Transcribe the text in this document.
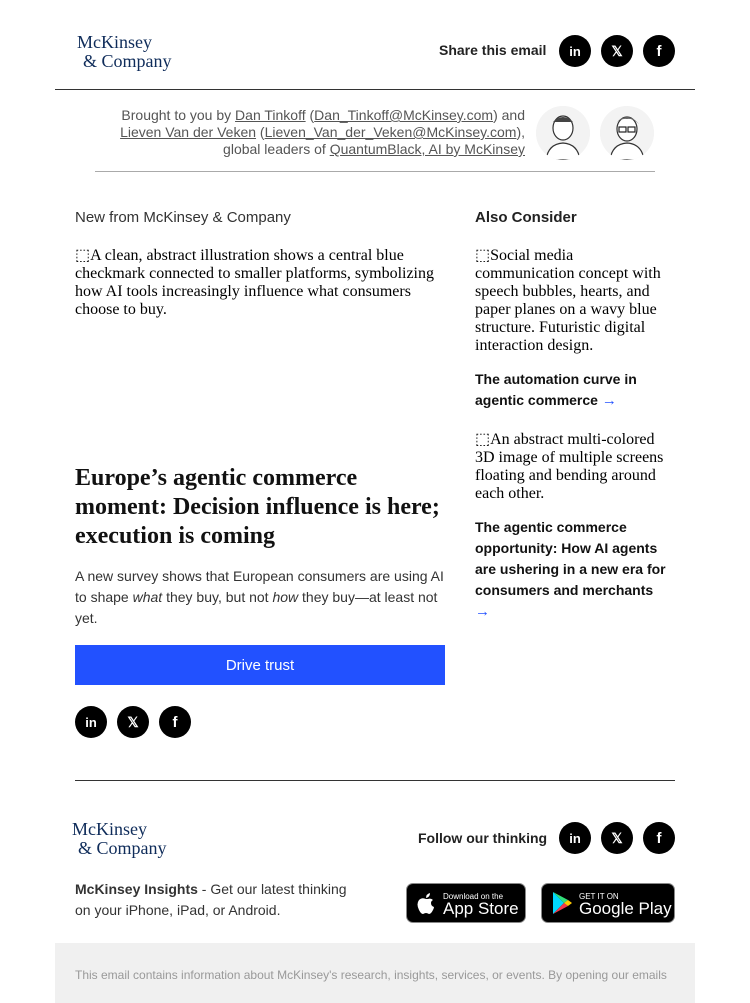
McKinsey
& Company
Share this email	in	𝕏	f
Brought to you by Dan Tinkoff (Dan_Tinkoff@McKinsey.com) and
Lieven Van der Veken (Lieven_Van_der_Veken@McKinsey.com),
global leaders of QuantumBlack, AI by McKinsey
New from McKinsey & Company
⬚A clean, abstract illustration shows a central blue checkmark connected to smaller platforms, symbolizing how AI tools increasingly influence what consumers choose to buy.
Europe’s agentic commerce moment: Decision influence is here; execution is coming
A new survey shows that European consumers are using AI to shape what they buy, but not how they buy—at least not yet.
Drive trust
in	𝕏	f
Also Consider
⬚Social media communication concept with speech bubbles, hearts, and paper planes on a wavy blue structure. Futuristic digital interaction design.
The automation curve in agentic commerce →
⬚An abstract multi-colored 3D image of multiple screens floating and bending around each other.
The agentic commerce opportunity: How AI agents are ushering in a new era for consumers and merchants
→
McKinsey
& Company	Follow our thinking	in	𝕏	f
McKinsey Insights - Get our latest thinking on your iPhone, iPad, or Android.
Download on the
App Store
GET IT ON
Google Play
This email contains information about McKinsey's research, insights, services, or events. By opening our emails
